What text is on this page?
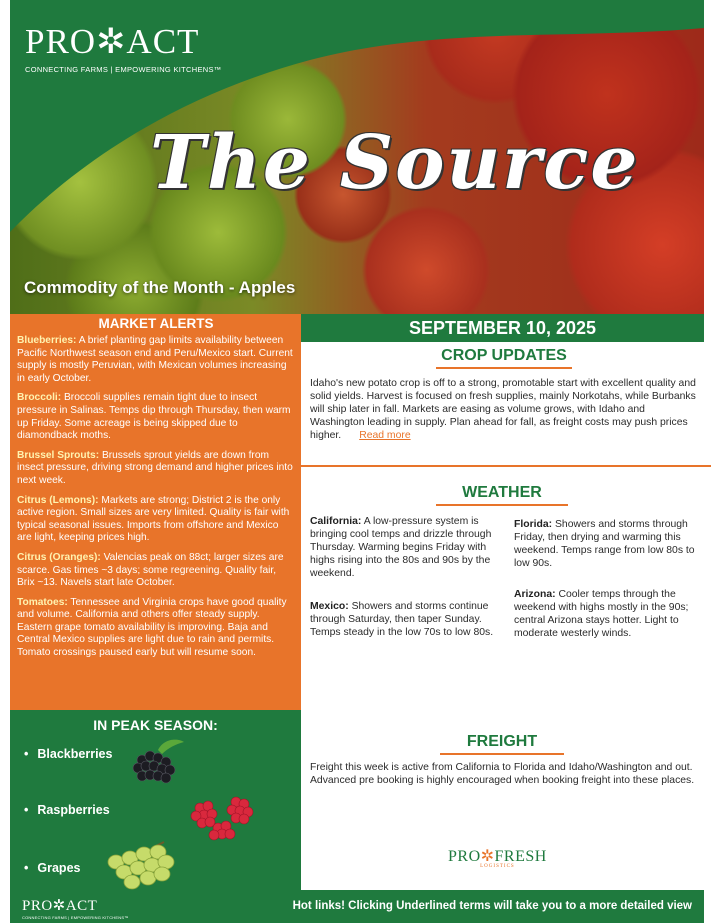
PRO✲ACT
CONNECTING FARMS | EMPOWERING KITCHENS™
The Source
Commodity of the Month - Apples
MARKET ALERTS

Blueberries: A brief planting gap limits availability between Pacific Northwest season end and Peru/Mexico start. Current supply is mostly Peruvian, with Mexican volumes increasing in early October.

Broccoli: Broccoli supplies remain tight due to insect pressure in Salinas. Temps dip through Thursday, then warm up Friday. Some acreage is being skipped due to diamondback moths.

Brussel Sprouts: Brussels sprout yields are down from insect pressure, driving strong demand and higher prices into next week.

Citrus (Lemons): Markets are strong; District 2 is the only active region. Small sizes are very limited. Quality is fair with typical seasonal issues. Imports from offshore and Mexico are light, keeping prices high.

Citrus (Oranges): Valencias peak on 88ct; larger sizes are scarce. Gas times ~3 days; some regreening. Quality fair, Brix ~13. Navels start late October.

Tomatoes: Tennessee and Virginia crops have good quality and volume. California and others offer steady supply. Eastern grape tomato availability is improving. Baja and Central Mexico supplies are light due to rain and permits. Tomato crossings paused early but will resume soon.

IN PEAK SEASON:
• Blackberries
• Raspberries
• Grapes
SEPTEMBER 10, 2025
CROP UPDATES
Idaho's new potato crop is off to a strong, promotable start with excellent quality and solid yields. Harvest is focused on fresh supplies, mainly Norkotahs, while Burbanks will ship later in fall. Markets are easing as volume grows, with Idaho and Washington leading in supply. Plan ahead for fall, as freight costs may push prices higher. Read more
WEATHER
California: A low-pressure system is bringing cool temps and drizzle through Thursday. Warming begins Friday with highs rising into the 80s and 90s by the weekend.
Mexico: Showers and storms continue through Saturday, then taper Sunday. Temps steady in the low 70s to low 80s.
Florida: Showers and storms through Friday, then drying and warming this weekend. Temps range from low 80s to low 90s.
Arizona: Cooler temps through the weekend with highs mostly in the 90s; central Arizona stays hotter. Light to moderate westerly winds.
FREIGHT
Freight this week is active from California to Florida and Idaho/Washington and out. Advanced pre booking is highly encouraged when booking freight into these places.
PRO✲FRESH
LOGISTICS
PRO✲ACT
CONNECTING FARMS | EMPOWERING KITCHENS™
Hot links! Clicking Underlined terms will take you to a more detailed view
